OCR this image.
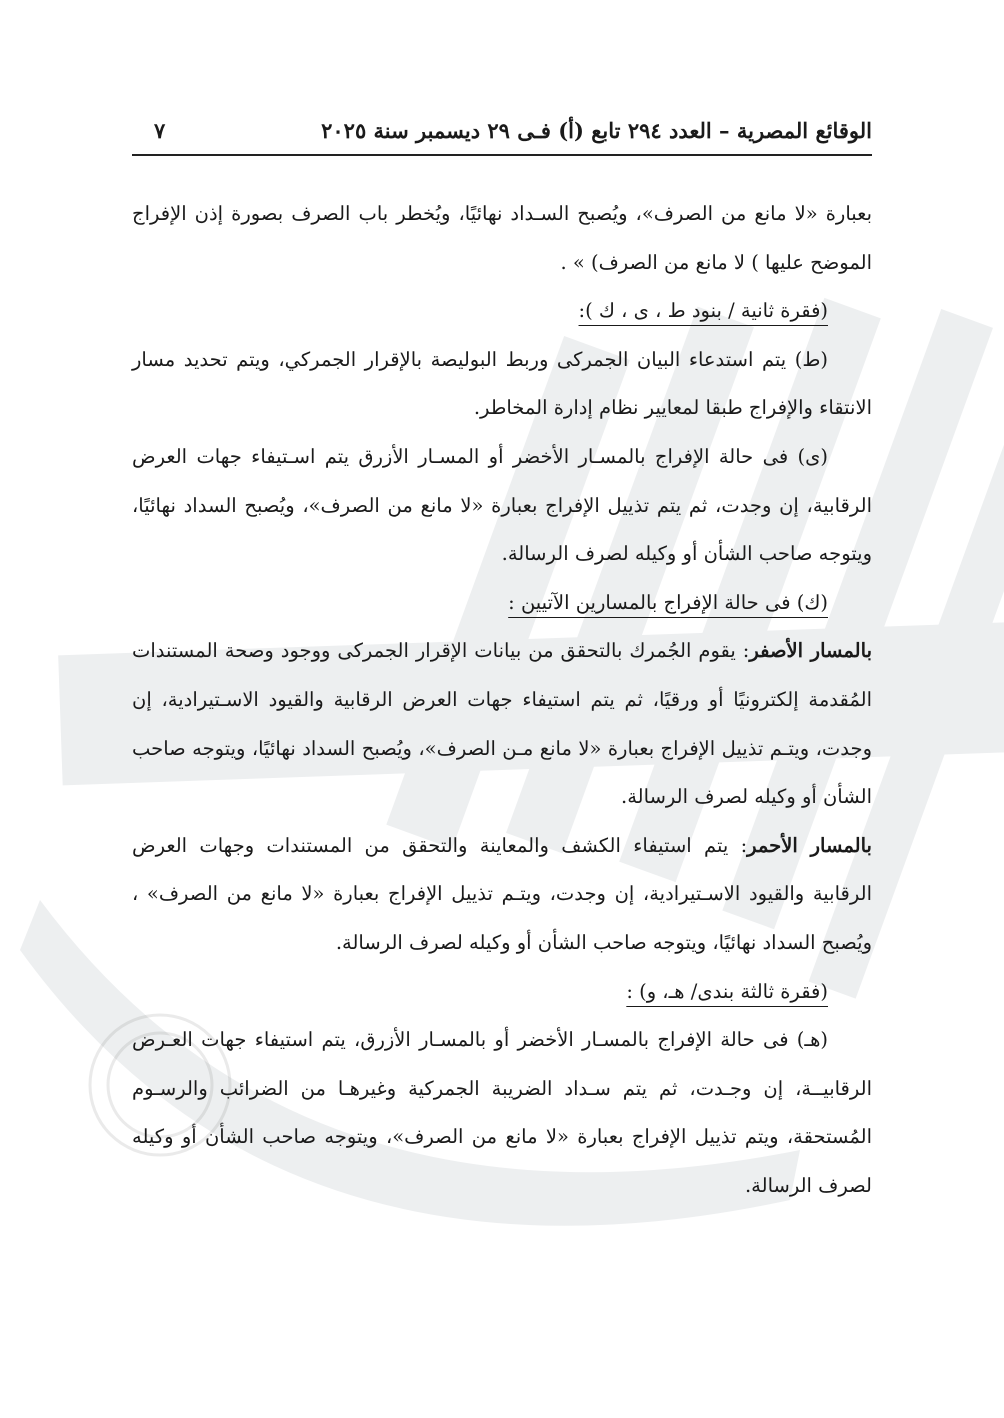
الوقائع المصرية – العدد ٢٩٤ تابع (أ) فـى ٢٩ ديسمبر سنة ٢٠٢٥
٧

بعبارة «لا مانع من الصرف»، ويُصبح السـداد نهائيًا، ويُخطر باب الصرف بصورة إذن الإفراج الموضح عليها ) لا مانع من الصرف) » .

(فقرة ثانية / بنود ط ، ى ، ك ):

(ط) يتم استدعاء البيان الجمركى وربط البوليصة بالإقرار الجمركي، ويتم تحديد مسار الانتقاء والإفراج طبقا لمعايير نظام إدارة المخاطر.

(ى) فى حالة الإفراج بالمسـار الأخضر أو المسـار الأزرق يتم اسـتيفاء جهات العرض الرقابية، إن وجدت، ثم يتم تذييل الإفراج بعبارة «لا مانع من الصرف»، ويُصبح السداد نهائيًا، ويتوجه صاحب الشأن أو وكيله لصرف الرسالة.

(ك) فى حالة الإفراج بالمسارين الآتيين :

بالمسار الأصفر: يقوم الجُمرك بالتحقق من بيانات الإقرار الجمركى ووجود وصحة المستندات المُقدمة إلكترونيًا أو ورقيًا، ثم يتم استيفاء جهات العرض الرقابية والقيود الاسـتيرادية، إن وجدت، ويتـم تذييل الإفراج بعبارة «لا مانع مـن الصرف»، ويُصبح السداد نهائيًا، ويتوجه صاحب الشأن أو وكيله لصرف الرسالة.

بالمسار الأحمر: يتم استيفاء الكشف والمعاينة والتحقق من المستندات وجهات العرض الرقابية والقيود الاسـتيرادية، إن وجدت، ويتـم تذييل الإفراج بعبارة «لا مانع من الصرف» ، ويُصبح السداد نهائيًا، ويتوجه صاحب الشأن أو وكيله لصرف الرسالة.

(فقرة ثالثة بندى/ هـ، و) :

(هـ) فى حالة الإفراج بالمسـار الأخضر أو بالمسـار الأزرق، يتم استيفاء جهات العـرض الرقابيــة، إن وجـدت، ثم يتم سـداد الضريبة الجمركية وغيرهـا من الضرائب والرسـوم المُستحقة، ويتم تذييل الإفراج بعبارة «لا مانع من الصرف»، ويتوجه صاحب الشأن أو وكيله لصرف الرسالة.
